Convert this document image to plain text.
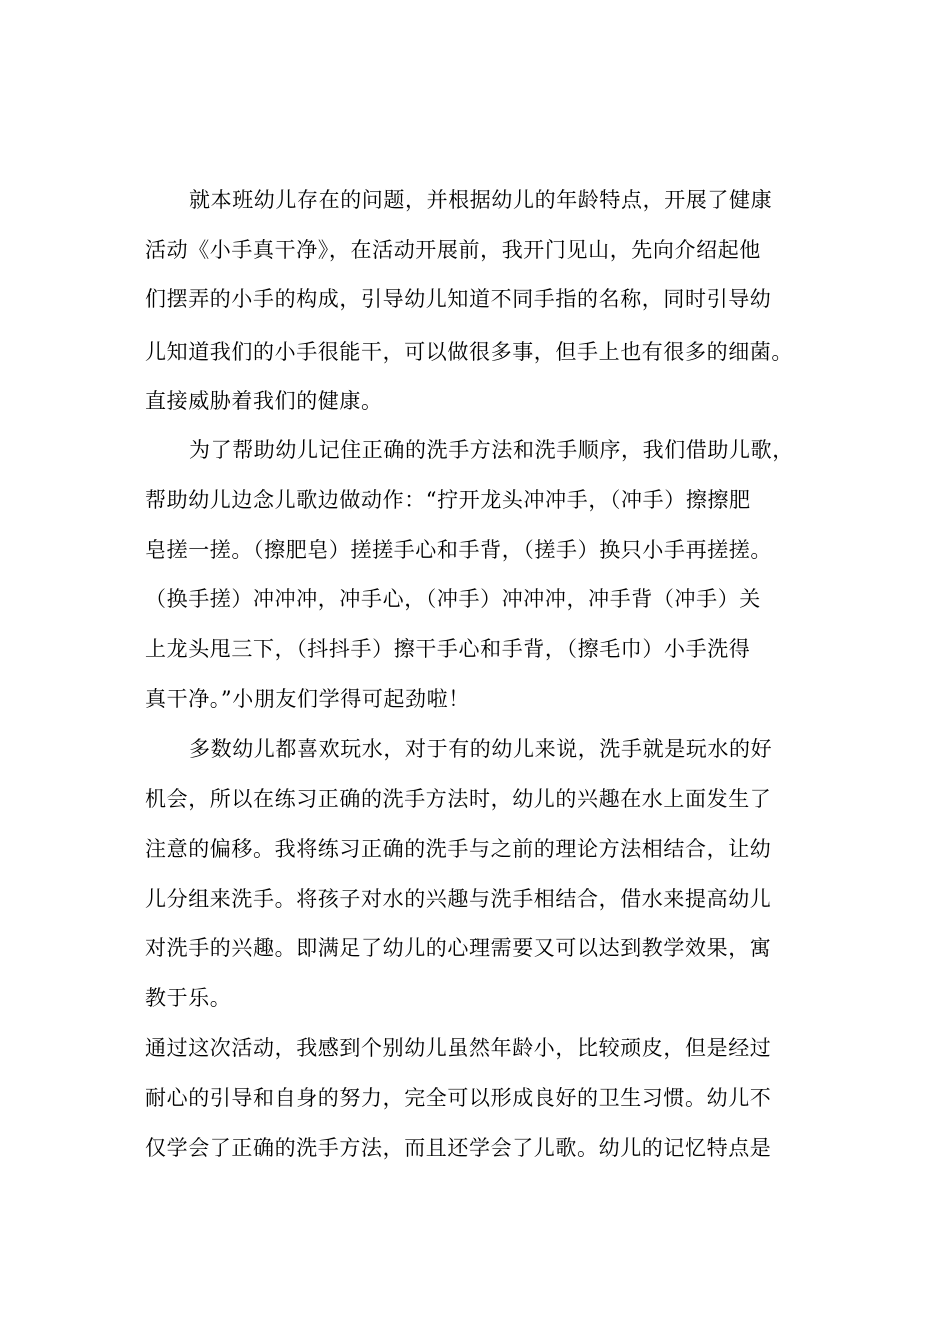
就本班幼儿存在的问题，并根据幼儿的年龄特点，开展了健康
活动《小手真干净》，在活动开展前，我开门见山，先向介绍起他
们摆弄的小手的构成，引导幼儿知道不同手指的名称，同时引导幼
儿知道我们的小手很能干，可以做很多事，但手上也有很多的细菌。
直接威胁着我们的健康。
为了帮助幼儿记住正确的洗手方法和洗手顺序，我们借助儿歌，
帮助幼儿边念儿歌边做动作：“拧开龙头冲冲手，（冲手）擦擦肥
皂搓一搓。（擦肥皂）搓搓手心和手背，（搓手）换只小手再搓搓。
（换手搓）冲冲冲，冲手心，（冲手）冲冲冲，冲手背（冲手）关
上龙头甩三下，（抖抖手）擦干手心和手背，（擦毛巾）小手洗得
真干净。”小朋友们学得可起劲啦！
多数幼儿都喜欢玩水，对于有的幼儿来说，洗手就是玩水的好
机会，所以在练习正确的洗手方法时，幼儿的兴趣在水上面发生了
注意的偏移。我将练习正确的洗手与之前的理论方法相结合，让幼
儿分组来洗手。将孩子对水的兴趣与洗手相结合，借水来提高幼儿
对洗手的兴趣。即满足了幼儿的心理需要又可以达到教学效果，寓
教于乐。
通过这次活动，我感到个别幼儿虽然年龄小，比较顽皮，但是经过
耐心的引导和自身的努力，完全可以形成良好的卫生习惯。幼儿不
仅学会了正确的洗手方法，而且还学会了儿歌。幼儿的记忆特点是
